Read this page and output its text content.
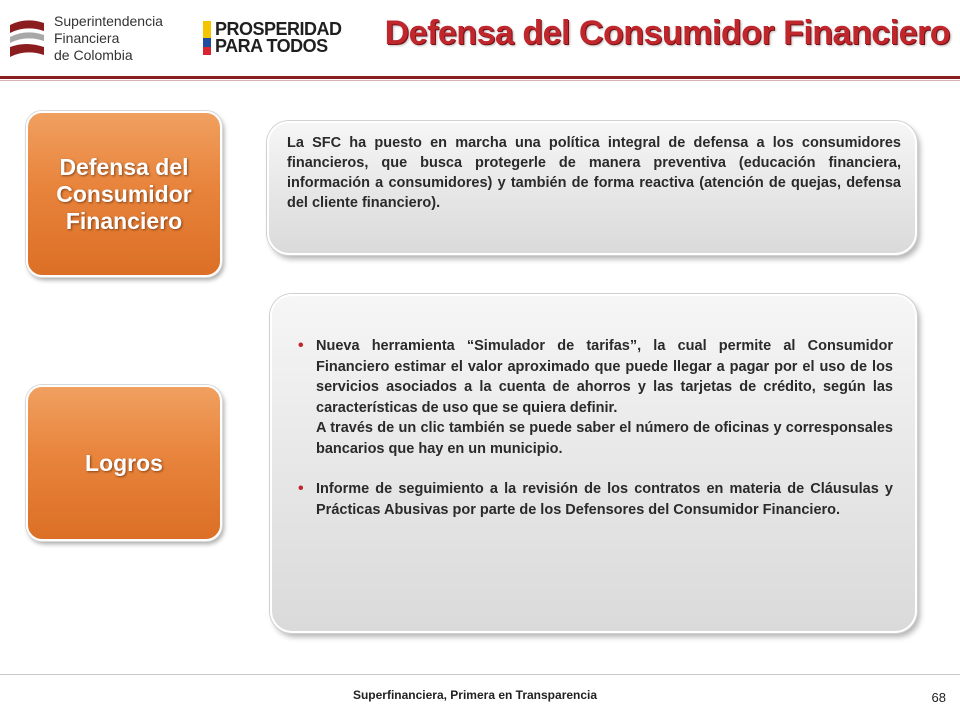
Superintendencia
Financiera
de Colombia
PROSPERIDAD
PARA TODOS	Defensa del Consumidor Financiero
Defensa del
Consumidor
Financiero
Logros

La SFC ha puesto en marcha una política integral de defensa a los consumidores financieros, que busca protegerle de manera preventiva (educación financiera, información a consumidores) y también de forma reactiva (atención de quejas, defensa del cliente financiero).

• Nueva herramienta “Simulador de tarifas”, la cual permite al Consumidor Financiero estimar el valor aproximado que puede llegar a pagar por el uso de los servicios asociados a la cuenta de ahorros y las tarjetas de crédito, según las características de uso que se quiera definir.
A través de un clic también se puede saber el número de oficinas y corresponsales bancarios que hay en un municipio.
• Informe de seguimiento a la revisión de los contratos en materia de Cláusulas y Prácticas Abusivas por parte de los Defensores del Consumidor Financiero.
Superfinanciera, Primera en Transparencia	68
